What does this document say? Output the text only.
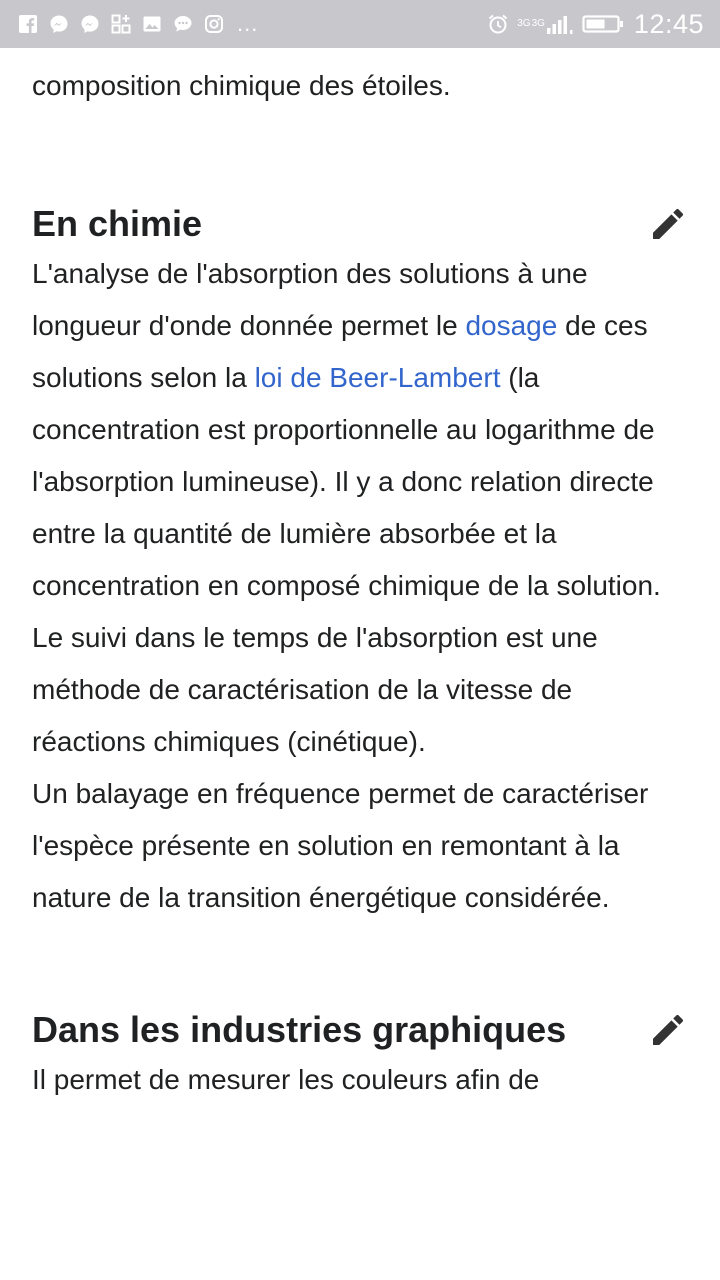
...	3G 3G	12:45

composition chimique des étoiles.

En chimie

L'analyse de l'absorption des solutions à une longueur d'onde donnée permet le dosage de ces solutions selon la loi de Beer-Lambert (la concentration est proportionnelle au logarithme de l'absorption lumineuse). Il y a donc relation directe entre la quantité de lumière absorbée et la concentration en composé chimique de la solution. Le suivi dans le temps de l'absorption est une méthode de caractérisation de la vitesse de réactions chimiques (cinétique).

Un balayage en fréquence permet de caractériser l'espèce présente en solution en remontant à la nature de la transition énergétique considérée.

Dans les industries graphiques

Il permet de mesurer les couleurs afin de
